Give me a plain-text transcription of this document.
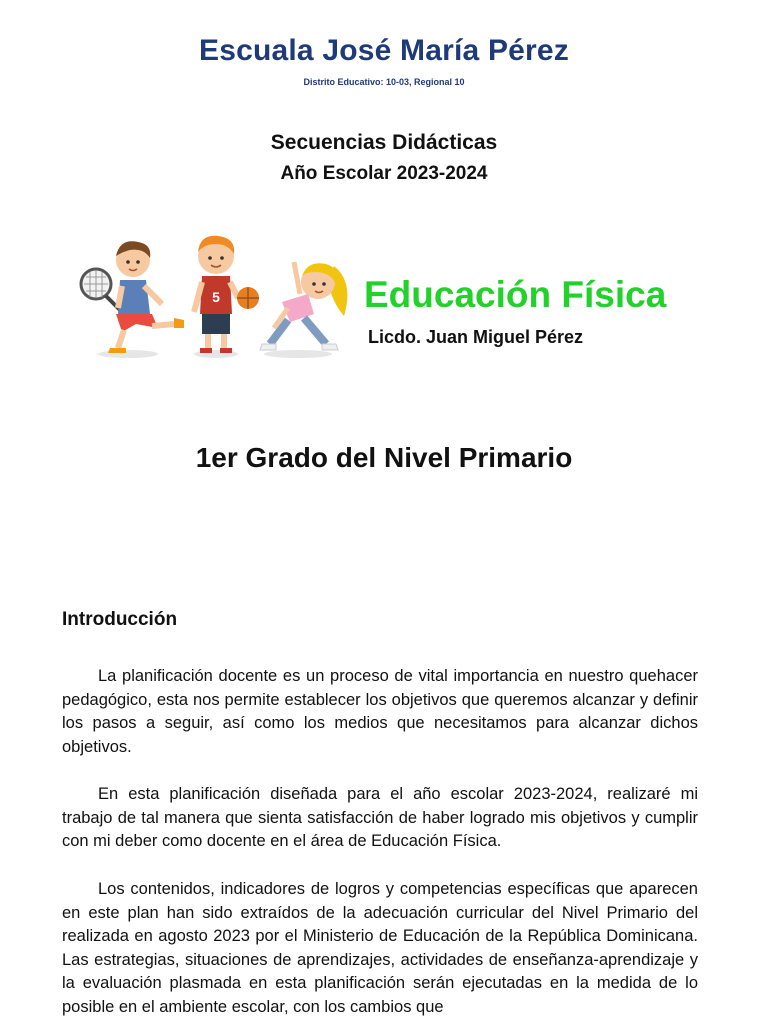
Escuala José María Pérez
Distrito Educativo: 10-03, Regional 10
Secuencias Didácticas
Año Escolar 2023-2024
5	Educación Física
Licdo. Juan Miguel Pérez
1er Grado del Nivel Primario
Introducción

La planificación docente es un proceso de vital importancia en nuestro quehacer pedagógico, esta nos permite establecer los objetivos que queremos alcanzar y definir los pasos a seguir, así como los medios que necesitamos para alcanzar dichos objetivos.

En esta planificación diseñada para el año escolar 2023-2024, realizaré mi trabajo de tal manera que sienta satisfacción de haber logrado mis objetivos y cumplir con mi deber como docente en el área de Educación Física.

Los contenidos, indicadores de logros y competencias específicas que aparecen en este plan han sido extraídos de la adecuación curricular del Nivel Primario del realizada en agosto 2023 por el Ministerio de Educación de la República Dominicana. Las estrategias, situaciones de aprendizajes, actividades de enseñanza-aprendizaje y la evaluación plasmada en esta planificación serán ejecutadas en la medida de lo posible en el ambiente escolar, con los cambios que
